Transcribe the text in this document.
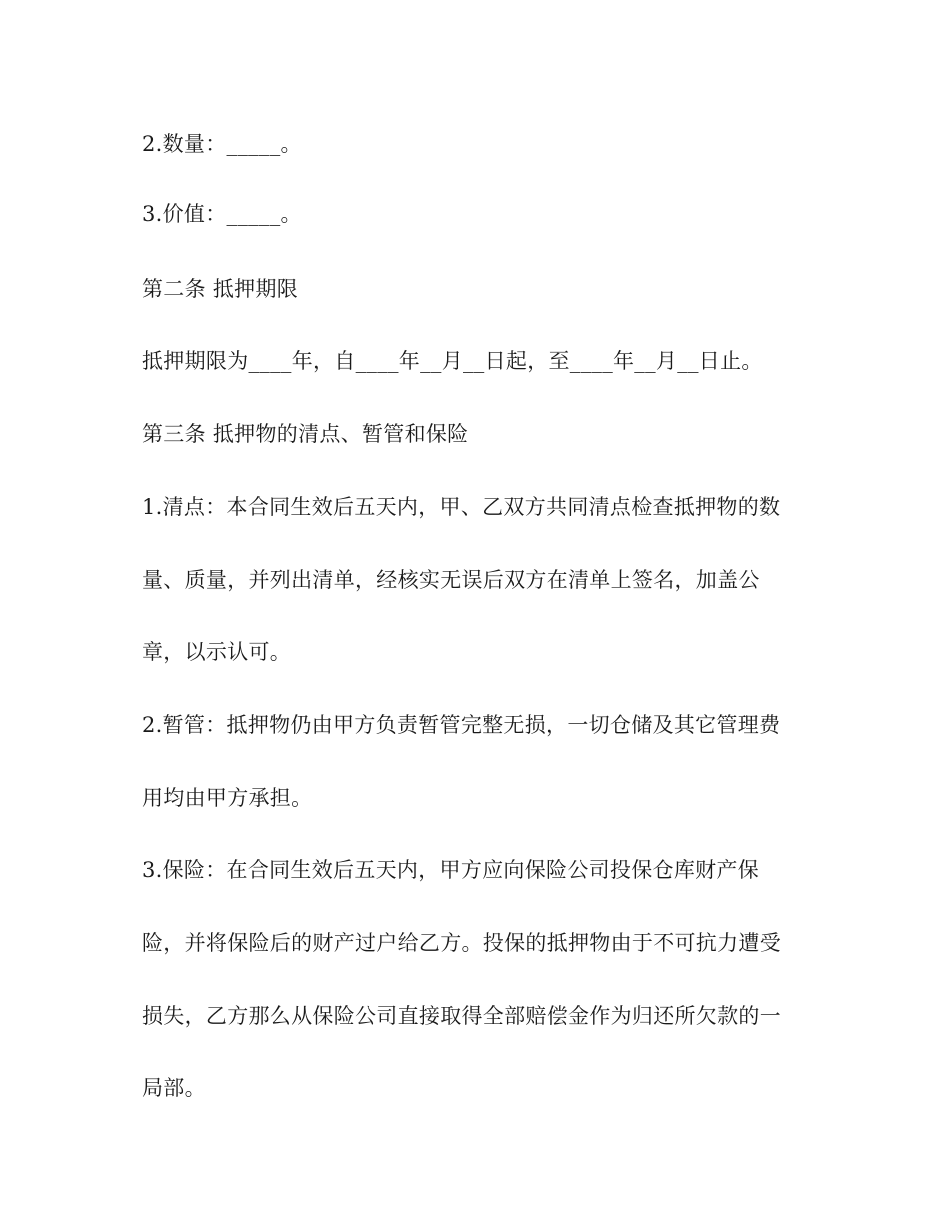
2.数量：_____。

3.价值：_____。

第二条 抵押期限

抵押期限为____年，自____年__月__日起，至____年__月__日止。

第三条 抵押物的清点、暂管和保险

1.清点：本合同生效后五天内，甲、乙双方共同清点检查抵押物的数

量、质量，并列出清单，经核实无误后双方在清单上签名，加盖公

章，以示认可。

2.暂管：抵押物仍由甲方负责暂管完整无损，一切仓储及其它管理费

用均由甲方承担。

3.保险：在合同生效后五天内，甲方应向保险公司投保仓库财产保

险，并将保险后的财产过户给乙方。投保的抵押物由于不可抗力遭受

损失，乙方那么从保险公司直接取得全部赔偿金作为归还所欠款的一

局部。
